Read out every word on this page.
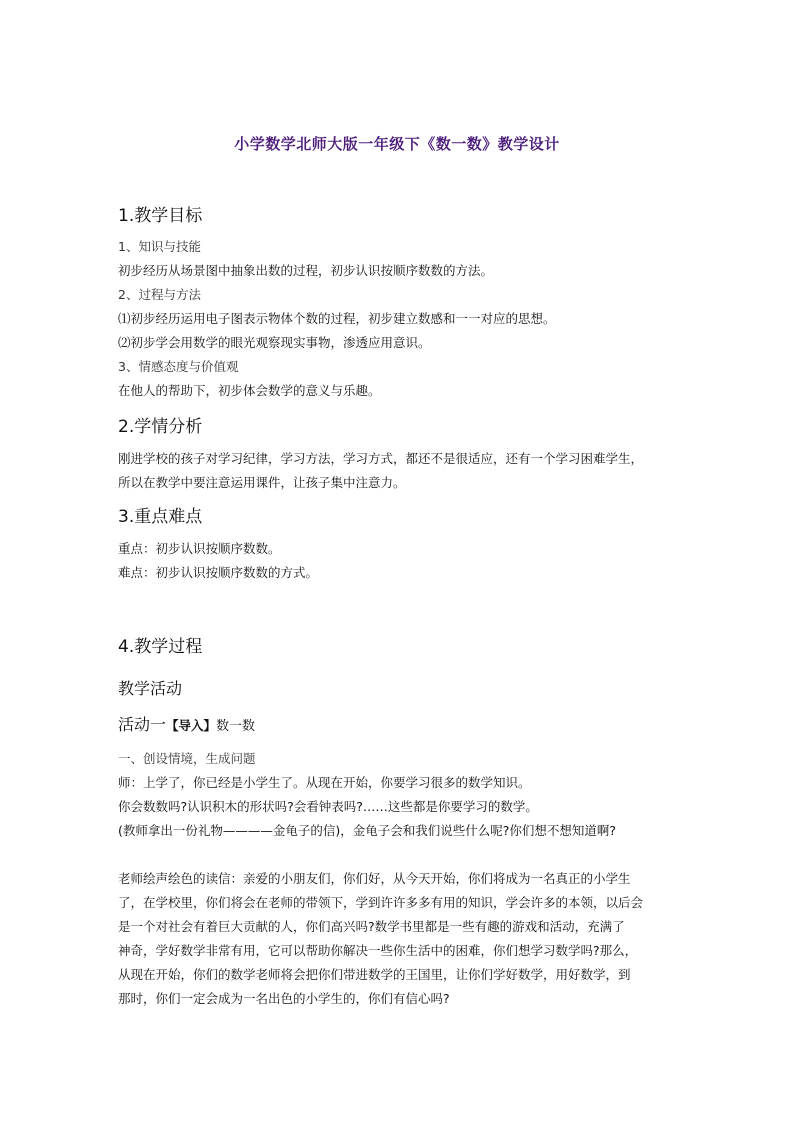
小学数学北师大版一年级下《数一数》教学设计
1.教学目标
1、知识与技能
初步经历从场景图中抽象出数的过程，初步认识按顺序数数的方法。
2、过程与方法
⑴初步经历运用电子图表示物体个数的过程，初步建立数感和一一对应的思想。
⑵初步学会用数学的眼光观察现实事物，渗透应用意识。
3、情感态度与价值观
在他人的帮助下，初步体会数学的意义与乐趣。
2.学情分析
刚进学校的孩子对学习纪律，学习方法，学习方式，都还不是很适应，还有一个学习困难学生，
所以在教学中要注意运用课件，让孩子集中注意力。
3.重点难点
重点：初步认识按顺序数数。
难点：初步认识按顺序数数的方式。
4.教学过程
教学活动
活动一【导入】数一数
一、创设情境，生成问题
师：上学了，你已经是小学生了。从现在开始，你要学习很多的数学知识。
你会数数吗?认识积木的形状吗?会看钟表吗?……这些都是你要学习的数学。
(教师拿出一份礼物————金龟子的信)，金龟子会和我们说些什么呢?你们想不想知道啊?
老师绘声绘色的读信：亲爱的小朋友们，你们好，从今天开始，你们将成为一名真正的小学生
了，在学校里，你们将会在老师的带领下，学到许许多多有用的知识，学会许多的本领，以后会
是一个对社会有着巨大贡献的人，你们高兴吗?数学书里都是一些有趣的游戏和活动，充满了
神奇，学好数学非常有用，它可以帮助你解决一些你生活中的困难，你们想学习数学吗?那么，
从现在开始，你们的数学老师将会把你们带进数学的王国里，让你们学好数学，用好数学，到
那时，你们一定会成为一名出色的小学生的，你们有信心吗?
